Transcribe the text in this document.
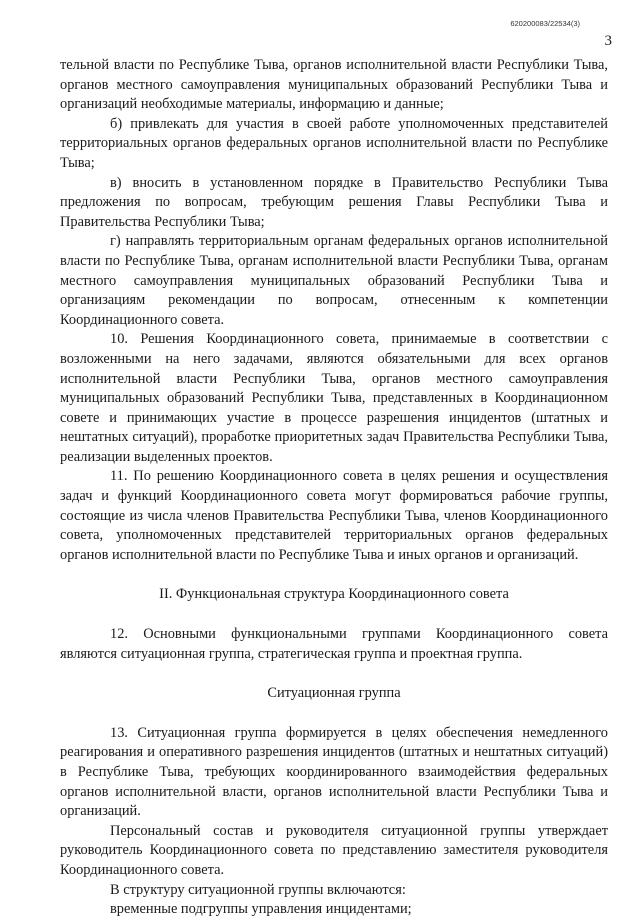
620200083/22534(3)
3

тельной власти по Республике Тыва, органов исполнительной власти Республики Тыва, органов местного самоуправления муниципальных образований Республики Тыва и организаций необходимые материалы, информацию и данные;

б) привлекать для участия в своей работе уполномоченных представителей территориальных органов федеральных органов исполнительной власти по Республике Тыва;

в) вносить в установленном порядке в Правительство Республики Тыва предложения по вопросам, требующим решения Главы Республики Тыва и Правительства Республики Тыва;

г) направлять территориальным органам федеральных органов исполнительной власти по Республике Тыва, органам исполнительной власти Республики Тыва, органам местного самоуправления муниципальных образований Республики Тыва и организациям рекомендации по вопросам, отнесенным к компетенции Координационного совета.

10. Решения Координационного совета, принимаемые в соответствии с возложенными на него задачами, являются обязательными для всех органов исполнительной власти Республики Тыва, органов местного самоуправления муниципальных образований Республики Тыва, представленных в Координационном совете и принимающих участие в процессе разрешения инцидентов (штатных и нештатных ситуаций), проработке приоритетных задач Правительства Республики Тыва, реализации выделенных проектов.

11. По решению Координационного совета в целях решения и осуществления задач и функций Координационного совета могут формироваться рабочие группы, состоящие из числа членов Правительства Республики Тыва, членов Координационного совета, уполномоченных представителей территориальных органов федеральных органов исполнительной власти по Республике Тыва и иных органов и организаций.

II. Функциональная структура Координационного совета

12. Основными функциональными группами Координационного совета являются ситуационная группа, стратегическая группа и проектная группа.

Ситуационная группа

13. Ситуационная группа формируется в целях обеспечения немедленного реагирования и оперативного разрешения инцидентов (штатных и нештатных ситуаций) в Республике Тыва, требующих координированного взаимодействия федеральных органов исполнительной власти, органов исполнительной власти Республики Тыва и организаций.

Персональный состав и руководителя ситуационной группы утверждает руководитель Координационного совета по представлению заместителя руководителя Координационного совета.

В структуру ситуационной группы включаются:

временные подгруппы управления инцидентами;
